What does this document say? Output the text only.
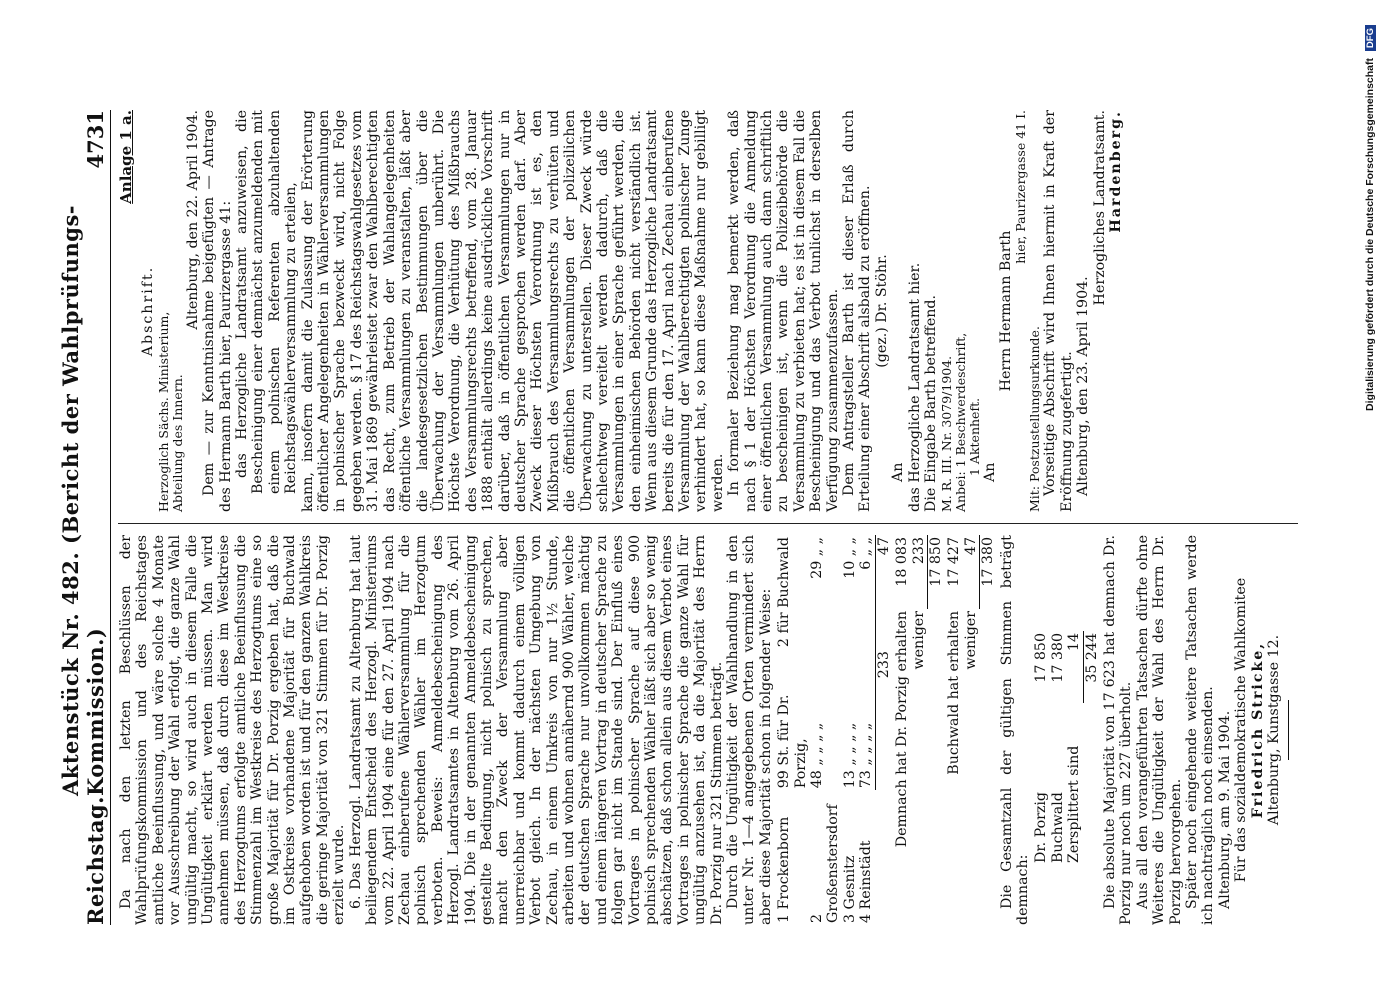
Reichstag.
Aktenstück Nr. 482. (Bericht der Wahlprüfungs-Kommission.)
4731

Da nach den letzten Beschlüssen der Wahlprüfungskommission und des Reichstages amtliche Beeinflussung, und wäre solche 4 Monate vor Ausschreibung der Wahl erfolgt, die ganze Wahl ungültig macht, so wird auch in diesem Falle die Ungültigkeit erklärt werden müssen. Man wird annehmen müssen, daß durch diese im Westkreise des Herzogtums erfolgte amtliche Beeinflussung die Stimmenzahl im Westkreise des Herzogtums eine so große Majorität für Dr. Porzig ergeben hat, daß die im Ostkreise vorhandene Majorität für Buchwald aufgehoben worden ist und für den ganzen Wahlkreis die geringe Majorität von 321 Stimmen für Dr. Porzig erzielt wurde. 6. Das Herzogl. Landratsamt zu Altenburg hat laut beiliegendem Entscheid des Herzogl. Ministeriums vom 22. April 1904 eine für den 27. April 1904 nach Zechau einberufene Wählerversammlung für die polnisch sprechenden Wähler im Herzogtum verboten. Beweis: Anmeldebescheinigung des Herzogl. Landratsamtes in Altenburg vom 26. April 1904. Die in der genannten Anmeldebescheinigung gestellte Bedingung, nicht polnisch zu sprechen, macht den Zweck der Versammlung aber unerreichbar und kommt dadurch einem völligen Verbot gleich. In der nächsten Umgebung von Zechau, in einem Umkreis von nur 1½ Stunde, arbeiten und wohnen annähernd 900 Wähler, welche der deutschen Sprache nur unvollkommen mächtig und einem längeren Vortrag in deutscher Sprache zu folgen gar nicht im Stande sind. Der Einfluß eines Vortrages in polnischer Sprache auf diese 900 polnisch sprechenden Wähler läßt sich aber so wenig abschätzen, daß schon allein aus diesem Verbot eines Vortrages in polnischer Sprache die ganze Wahl für ungültig anzusehen ist, da die Majorität des Herrn Dr. Porzig nur 321 Stimmen beträgt. Durch die Ungültigkeit der Wahlhandlung in den unter Nr. 1—4 angegebenen Orten vermindert sich aber diese Majorität schon in folgender Weise: 1 Frockenborn	99 St. für Dr. Porzig,	2 für Buchwald
2 Großenstersdorf	48 „ „ „ „	29 „ „
3 Gesnitz	13 „ „ „ „	10 „ „
4 Reinstädt	73 „ „ „ „	6 „ „
	233	47
Demnach hat Dr. Porzig erhalten	18 083
weniger	233
	17 850
Buchwald hat erhalten	17 427
weniger	47
	17 380 Die Gesamtzahl der gültigen Stimmen beträgt demnach:

Dr. Porzig	17 850
Buchwald	17 380
Zersplittert sind	14
	35 244 Die absolute Majorität von 17 623 hat demnach Dr. Porzig nur noch um 227 überholt. Aus all den vorangeführten Tatsachen dürfte ohne Weiteres die Ungültigkeit der Wahl des Herrn Dr. Porzig hervorgehen. Später noch eingehende weitere Tatsachen werde ich nachträglich noch einsenden. Altenburg, am 9. Mai 1904. Für das sozialdemokratische Wahlkomitee Friedrich Stricke, Altenburg, Kunstgasse 12.

Anlage 1 a.

Abschrift.

Herzoglich Sächs. Ministerium, Abteilung des Innern.

Altenburg, den 22. April 1904. Dem — zur Kenntnisnahme beigefügten — Antrage des Hermann Barth hier, Paurizergasse 41: das Herzogliche Landratsamt anzuweisen, die Bescheinigung einer demnächst anzumeldenden mit einem polnischen Referenten abzuhaltenden Reichstagswählerversammlung zu erteilen, kann, insofern damit die Zulassung der Erörterung öffentlicher Angelegenheiten in Wählerversammlungen in polnischer Sprache bezweckt wird, nicht Folge gegeben werden. § 17 des Reichstagswahlgesetzes vom 31. Mai 1869 gewährleistet zwar den Wahlberechtigten das Recht, zum Betrieb der Wahlangelegenheiten öffentliche Versammlungen zu veranstalten, läßt aber die landesgesetzlichen Bestimmungen über die Überwachung der Versammlungen unberührt. Die Höchste Verordnung, die Verhütung des Mißbrauchs des Versammlungsrechts betreffend, vom 28. Januar 1888 enthält allerdings keine ausdrückliche Vorschrift darüber, daß in öffentlichen Versammlungen nur in deutscher Sprache gesprochen werden darf. Aber Zweck dieser Höchsten Verordnung ist es, den Mißbrauch des Versammlungsrechts zu verhüten und die öffentlichen Versammlungen der polizeilichen Überwachung zu unterstellen. Dieser Zweck würde schlechtweg vereitelt werden dadurch, daß die Versammlungen in einer Sprache geführt werden, die den einheimischen Behörden nicht verständlich ist. Wenn aus diesem Grunde das Herzogliche Landratsamt bereits die für den 17. April nach Zechau einberufene Versammlung der Wahlberechtigten polnischer Zunge verhindert hat, so kann diese Maßnahme nur gebilligt werden. In formaler Beziehung mag bemerkt werden, daß nach § 1 der Höchsten Verordnung die Anmeldung einer öffentlichen Versammlung auch dann schriftlich zu bescheinigen ist, wenn die Polizeibehörde die Versammlung zu verbieten hat; es ist in diesem Fall die Bescheinigung und das Verbot tunlichst in derselben Verfügung zusammenzufassen. Dem Antragsteller Barth ist dieser Erlaß durch Erteilung einer Abschrift alsbald zu eröffnen. (gez.) Dr. Stöhr.

An das Herzogliche Landratsamt hier. Die Eingabe Barth betreffend. M. R. III. Nr. 3079/1904. Anbei: 1 Beschwerdeschrift, 1 Aktenheft. An

Herrn Hermann Barth

hier, Paurizergasse 41 I.

Mit: Postzustellungsurkunde. Vorseitige Abschrift wird Ihnen hiermit in Kraft der Eröffnung zugefertigt. Altenburg, den 23. April 1904.

Herzogliches Landratsamt. Hardenberg.	Digitalisierung gefördert durch die Deutsche Forschungsgemeinschaft DFG
